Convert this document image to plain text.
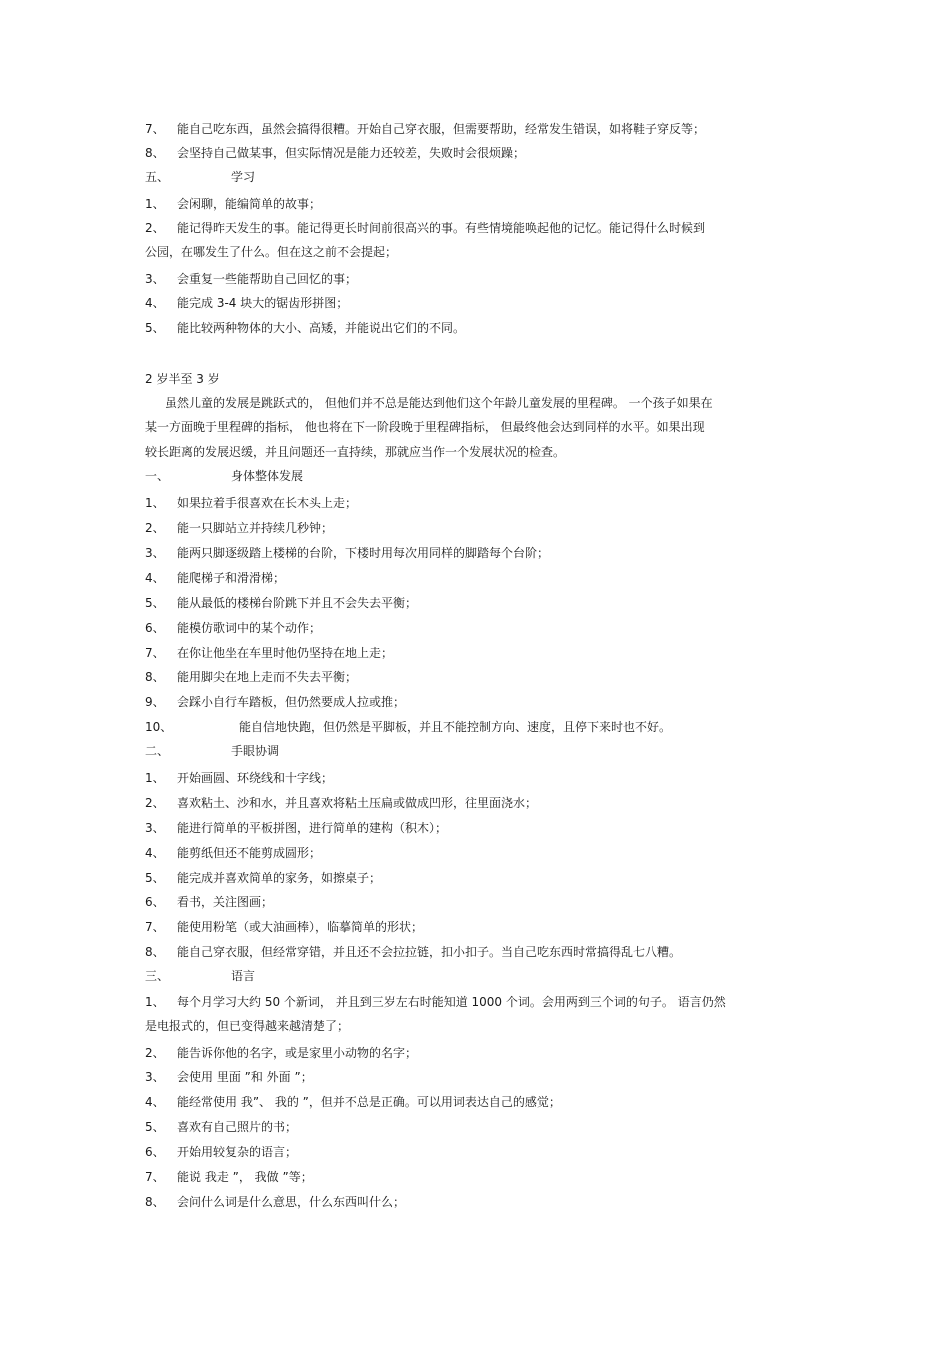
7、 能自己吃东西，虽然会搞得很糟。开始自己穿衣服，但需要帮助，经常发生错误，如将鞋子穿反等；
8、 会坚持自己做某事，但实际情况是能力还较差，失败时会很烦躁；
五、	学习
1、 会闲聊，能编简单的故事；
2、 能记得昨天发生的事。能记得更长时间前很高兴的事。有些情境能唤起他的记忆。能记得什么时候到
公园，在哪发生了什么。但在这之前不会提起；
3、 会重复一些能帮助自己回忆的事；
4、 能完成 3-4 块大的锯齿形拼图；
5、 能比较两种物体的大小、高矮，并能说出它们的不同。
2 岁半至 3 岁
虽然儿童的发展是跳跃式的， 但他们并不总是能达到他们这个年龄儿童发展的里程碑。 一个孩子如果在
某一方面晚于里程碑的指标， 他也将在下一阶段晚于里程碑指标， 但最终他会达到同样的水平。如果出现
较长距离的发展迟缓，并且问题还一直持续，那就应当作一个发展状况的检查。
一、	身体整体发展
1、 如果拉着手很喜欢在长木头上走；
2、 能一只脚站立并持续几秒钟；
3、 能两只脚逐级踏上楼梯的台阶，下楼时用每次用同样的脚踏每个台阶；
4、 能爬梯子和滑滑梯；
5、 能从最低的楼梯台阶跳下并且不会失去平衡；
6、 能模仿歌词中的某个动作；
7、 在你让他坐在车里时他仍坚持在地上走；
8、 能用脚尖在地上走而不失去平衡；
9、 会踩小自行车踏板，但仍然要成人拉或推；
10、	能自信地快跑，但仍然是平脚板，并且不能控制方向、速度，且停下来时也不好。
二、	手眼协调
1、 开始画圆、环绕线和十字线；
2、 喜欢粘土、沙和水，并且喜欢将粘土压扁或做成凹形，往里面浇水；
3、 能进行简单的平板拼图，进行简单的建构（积木）；
4、 能剪纸但还不能剪成圆形；
5、 能完成并喜欢简单的家务，如擦桌子；
6、 看书，关注图画；
7、 能使用粉笔（或大油画棒），临摹简单的形状；
8、 能自己穿衣服，但经常穿错，并且还不会拉拉链，扣小扣子。当自己吃东西时常搞得乱七八糟。
三、	语言
1、 每个月学习大约 50 个新词， 并且到三岁左右时能知道 1000 个词。会用两到三个词的句子。 语言仍然
是电报式的，但已变得越来越清楚了；
2、 能告诉你他的名字，或是家里小动物的名字；
3、 会使用 里面 ”和 外面 ”；
4、 能经常使用 我”、 我的 ”，但并不总是正确。可以用词表达自己的感觉；
5、 喜欢有自己照片的书；
6、 开始用较复杂的语言；
7、 能说 我走 ”， 我做 ”等；
8、 会问什么词是什么意思，什么东西叫什么；
